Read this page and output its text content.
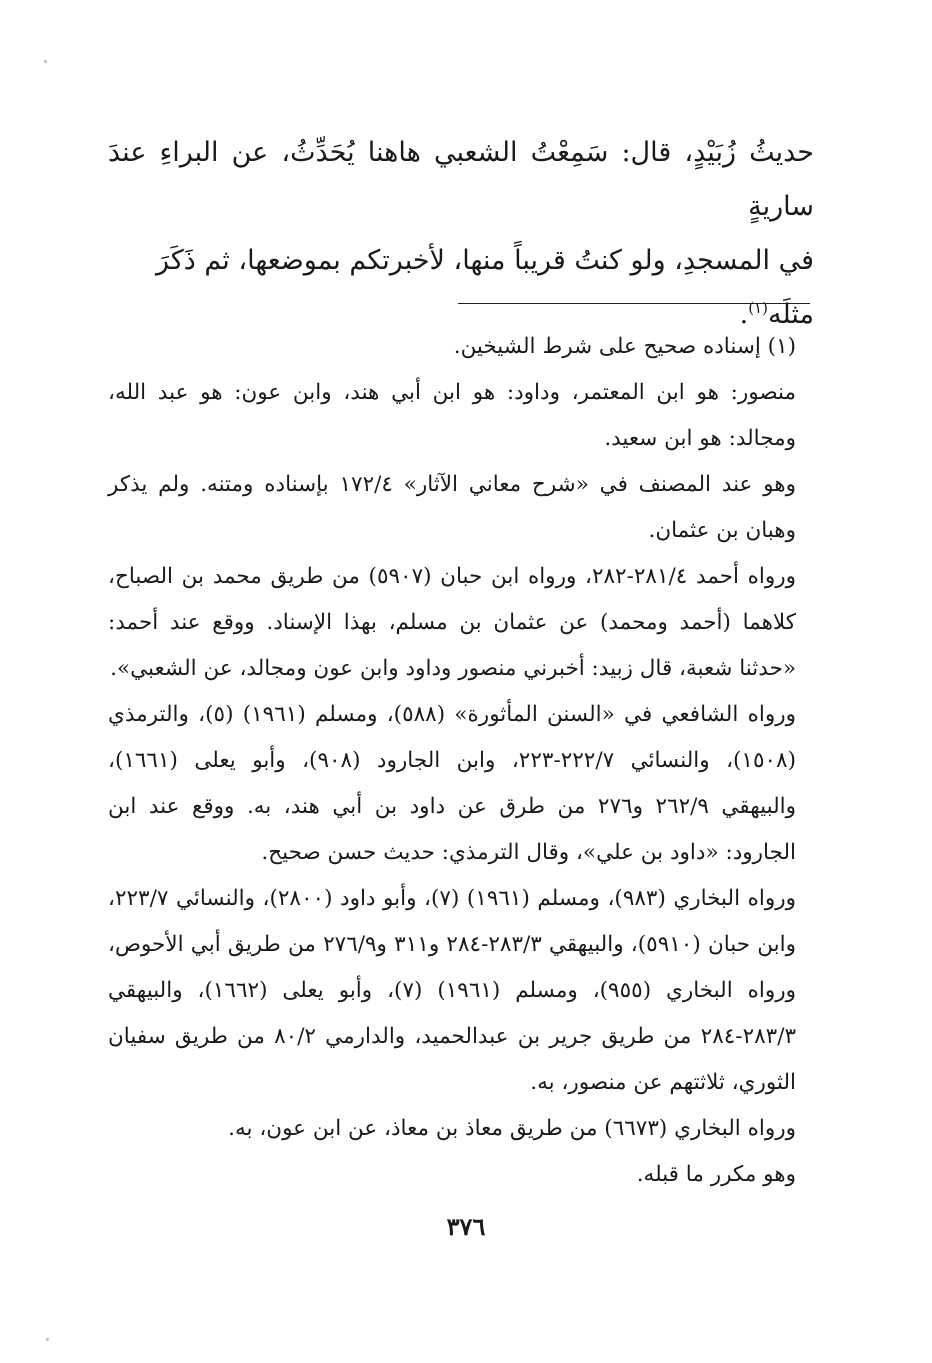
حديثُ زُبَيْدٍ، قال: سَمِعْتُ الشعبي هاهنا يُحَدِّثُ، عن البراءِ عندَ ساريةٍ

في المسجدِ، ولو كنتُ قريباً منها، لأخبرتكم بموضعها، ثم ذَكَرَ

مثلَه$^{(١)}$.

(١) إسناده صحيح على شرط الشيخين.

منصور: هو ابن المعتمر، وداود: هو ابن أبي هند، وابن عون: هو عبد الله، ومجالد: هو ابن سعيد.

وهو عند المصنف في «شرح معاني الآثار» ١٧٢/٤ بإسناده ومتنه. ولم يذكر وهبان بن عثمان.

ورواه أحمد ٢٨١/٤-٢٨٢، ورواه ابن حبان (٥٩٠٧) من طريق محمد بن الصباح، كلاهما (أحمد ومحمد) عن عثمان بن مسلم، بهذا الإسناد. ووقع عند أحمد: «حدثنا شعبة، قال زبيد: أخبرني منصور وداود وابن عون ومجالد، عن الشعبي».

ورواه الشافعي في «السنن المأثورة» (٥٨٨)، ومسلم (١٩٦١) (٥)، والترمذي (١٥٠٨)، والنسائي ٢٢٢/٧-٢٢٣، وابن الجارود (٩٠٨)، وأبو يعلى (١٦٦١)، والبيهقي ٢٦٢/٩ و٢٧٦ من طرق عن داود بن أبي هند، به. ووقع عند ابن الجارود: «داود بن علي»، وقال الترمذي: حديث حسن صحيح.

ورواه البخاري (٩٨٣)، ومسلم (١٩٦١) (٧)، وأبو داود (٢٨٠٠)، والنسائي ٢٢٣/٧، وابن حبان (٥٩١٠)، والبيهقي ٢٨٣/٣-٢٨٤ و٣١١ و٢٧٦/٩ من طريق أبي الأحوص، ورواه البخاري (٩٥٥)، ومسلم (١٩٦١) (٧)، وأبو يعلى (١٦٦٢)، والبيهقي ٢٨٣/٣-٢٨٤ من طريق جرير بن عبدالحميد، والدارمي ٨٠/٢ من طريق سفيان الثوري، ثلاثتهم عن منصور، به.

ورواه البخاري (٦٦٧٣) من طريق معاذ بن معاذ، عن ابن عون، به.

وهو مكرر ما قبله.

٣٧٦
